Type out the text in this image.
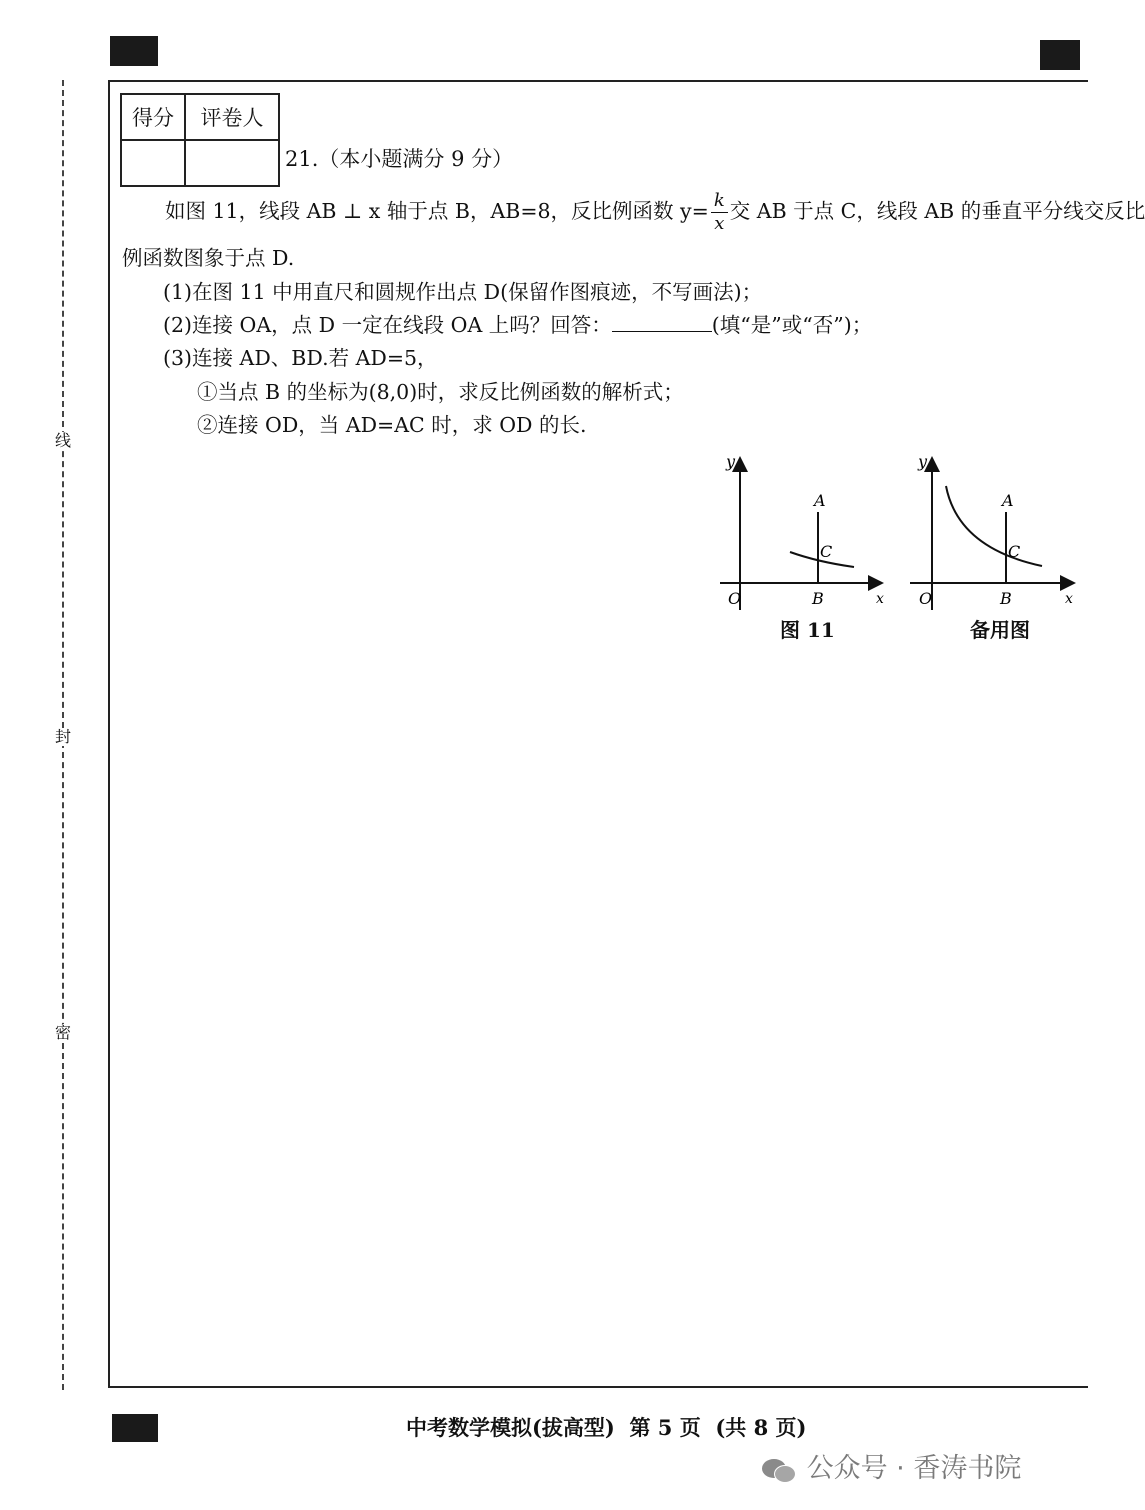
线
封
密
得分	评卷人

21.（本小题满分 9 分）
如图 11，线段 AB ⊥ x 轴于点 B，AB=8，反比例函数 $y= \frac{k}{x}$ 交 AB 于点 C，线段 AB 的垂直平分线交反比
例函数图象于点 D.
(1)在图 11 中用直尺和圆规作出点 D(保留作图痕迹，不写画法)；
(2)连接 OA，点 D 一定在线段 OA 上吗？回答：	(填“是”或“否”)；
(3)连接 AD、BD.若 AD=5，
①当点 B 的坐标为(8,0)时，求反比例函数的解析式；
②连接 OD，当 AD=AC 时，求 OD 的长.
y
A
C
O	B	x
图 11
y
A
C
O	B	x
备用图
中考数学模拟(拔高型)  第 5 页  (共 8 页)
公众号 · 香涛书院
